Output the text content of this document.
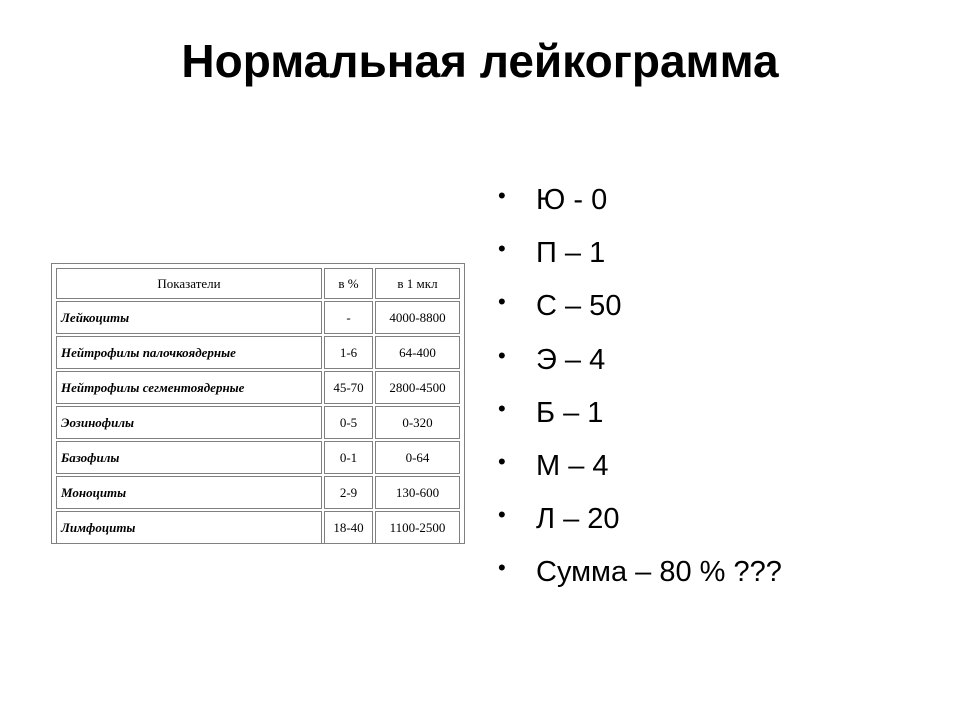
Нормальная лейкограмма
Показатели	в %	в 1 мкл
Лейкоциты	-	4000-8800
Нейтрофилы палочкоядерные	1-6	64-400
Нейтрофилы сегментоядерные	45-70	2800-4500
Эозинофилы	0-5	0-320
Базофилы	0-1	0-64
Моноциты	2-9	130-600
Лимфоциты	18-40	1100-2500
• Ю - 0
• П – 1
• С – 50
• Э – 4
• Б – 1
• М – 4
• Л – 20
• Сумма – 80 % ???
